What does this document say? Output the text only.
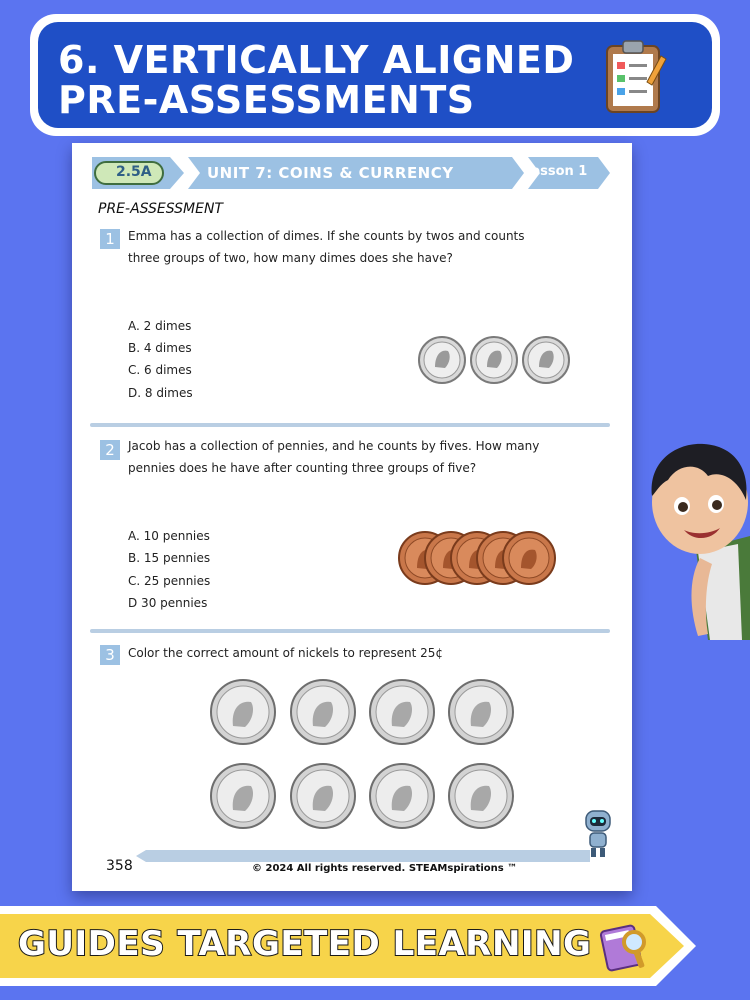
6. VERTICALLY ALIGNED
PRE-ASSESSMENTS
2.5A	UNIT 7: COINS & CURRENCY	Lesson 1
PRE-ASSESSMENT
1	Emma has a collection of dimes. If she counts by twos and counts
three groups of two, how many dimes does she have?
A. 2 dimes
B. 4 dimes
C. 6 dimes
D. 8 dimes
2	Jacob has a collection of pennies, and he counts by fives. How many
pennies does he have after counting three groups of five?
A. 10 pennies
B. 15 pennies
C. 25 pennies
D 30 pennies
3	Color the correct amount of nickels to represent 25¢
358	© 2024 All rights reserved. STEAMspirations ™
GUIDES TARGETED LEARNING
